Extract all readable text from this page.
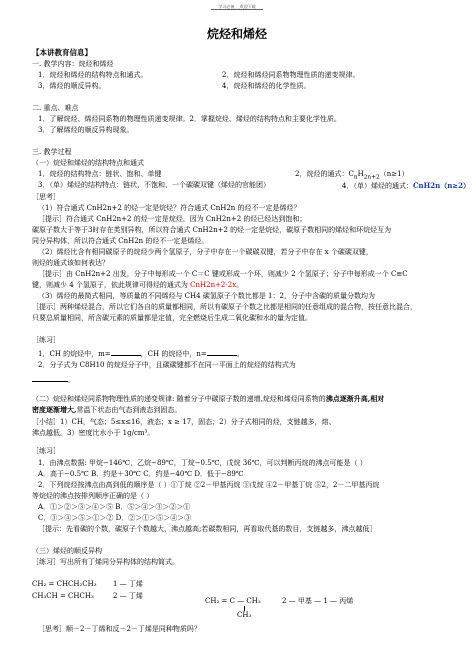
学习必备_ _欢迎下载
烷烃和烯烃
【本讲教育信息】
一. 教学内容：烷烃和烯烃
1．烷烃和烯烃的结构特点和通式。	2．烷烃和烯烃同系物物理性质的递变规律。
3．烯烃的顺反异构。	4．烷烃和烯烃的化学性质。
二. 重点、难点
1．了解烷烃、烯烃同系物的物理性质递变规律。2．掌握烷烃、烯烃的结构特点和主要化学性质。
3．了解烯烃的顺反异构现象。
三. 教学过程
（一）烷烃和烯烃的结构特点和通式
1．烷烃的结构特点：链状、饱和、单键	2．烷烃的通式：$C_nH_{2n+2}(n\ge 1)$
3．（单）烯烃的结构特点：链状、不饱和、一个碳碳双键（烯烃的官能团）	4．（单）烯烃的通式：CnH2n（n≥2）
［思考］
（1）符合通式 CnH2n+2 的烃一定是烷烃？符合通式 CnH2n 的烃不一定是烯烃？
［提示］符合通式 CnH2n+2 的烃一定是烷烃，因为 CnH2n+2 的烃已经达到饱和；
碳原子数大于等于3时存在类别异构，所以符合通式 CnH2n+2 的烃一定是烷烃，碳原子数相同的烯烃和环烷烃互为
同分异构体，所以符合通式 CnH2n 的烃不一定是烯烃。
（2）烯烃比含有相同碳原子的烷烃少两个氢原子，分子中存在一个碳碳双键，若分子中存在 x 个碳碳双键，
则烃的通式该如何表达？
［提示］由 CnH2n+2 出发，分子中每形成一个 C＝C 键或形成一个环，则减少 2 个氢原子；分子中每形成一个 C≡C
键，则减少 4 个氢原子，依此规律可得烃的通式为 CnH2n+2-2x。
（3）烯烃的最简式相同，等质量的不同烯烃与 CH4 碳氢原子个数比都是 1：2，分子中含碳的质量分数均为
［提示］两种烯烃混合，所以它们各自的质量都相同，所以有碳原子个数之比都是相同的任意组成的混合物，按任意比混合，
只要总质量相同，所含碳元素的质量都是定值，完全燃烧后生成二氧化碳和水的量为定值。
［练习］
1．CH 的烷烃中，m=	，CH 的烷烃中，n=	。
2．分子式为 C8H10 的烷烃分子中，且碳碳键都不在同一平面上的烷烃的结构式为
。
（二）烷烃和烯烃同系物物理性质的递变规律: 随着分子中碳原子数的递增,烷烃和烯烃同系物的沸点逐渐升高,相对
密度逐渐增大,常温下状态由气态到液态到固态。
［小结］1）CH，气态；5≤x≤16，液态；x ≥ 17，固态；2）分子式相同的烃，支链越多，熔、
沸点越低。3）密度比水小于 1g/cm³。
［练习］
1．由沸点数据: 甲烷−146℃，乙烷−89℃，丁烷−0.5℃，戊烷 36℃，可以判断丙烷的沸点可能是（ ）
A．高于−0.5℃ B．约是＋30℃ C．约是−40℃ D．低于−89℃
2．下列烷烃按沸点由高到低的顺序是（ ）①丁烷 ②2－甲基丙烷 ③戊烷 ④2－甲基丁烷 ⑤2，2－二甲基丙烷
等烷烃的沸点按排列顺序正确的是（ ）
A．①＞②＞③＞④＞⑤ B．⑤＞④＞③＞②＞①
C．③＞④＞⑤＞①＞② D．②＞①＞⑤＞④＞③
［提示：先看碳的个数，碳原子个数越大，沸点越高;若碳数相同，再看取代基的数目，支链越多，沸点越低］
（三）烯烃的顺反异构
［练习］写出所有丁烯同分异构体的结构简式。
CH₂ = CHCH₂CH₃ 1 — 丁烯
CH₃CH = CHCH₃	2 — 丁烯
CH₂ = C — CH₃
CH₃
2 — 甲基 — 1 — 丙烯
［思考］顺－2－丁烯和反－2－丁烯是同种物质吗？
